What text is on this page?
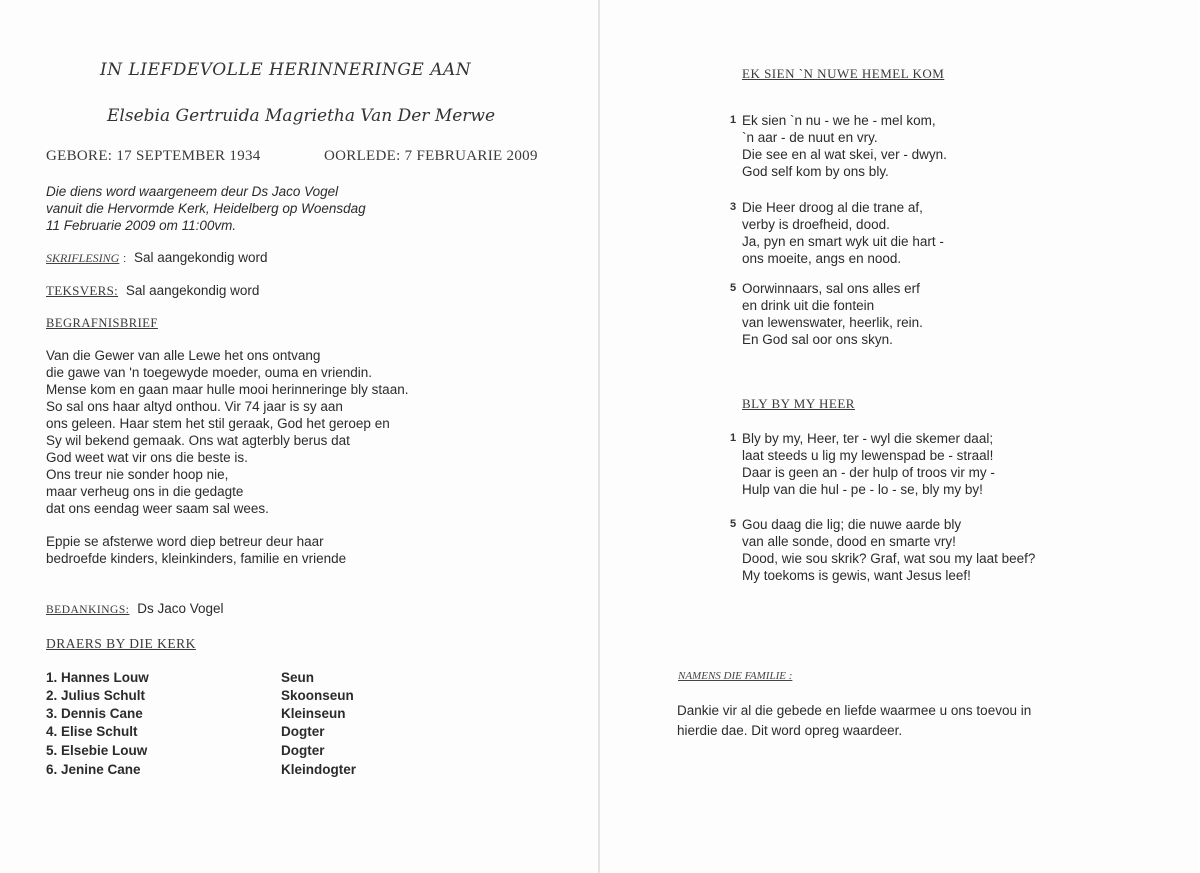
IN LIEFDEVOLLE HERINNERINGE AAN
Elsebia Gertruida Magrietha Van Der Merwe
GEBORE: 17 SEPTEMBER 1934	OORLEDE: 7 FEBRUARIE 2009
Die diens word waargeneem deur Ds Jaco Vogel
vanuit die Hervormde Kerk, Heidelberg op Woensdag
11 Februarie 2009 om 11:00vm.
SKRIFLESING : Sal aangekondig word
TEKSVERS: Sal aangekondig word
BEGRAFNISBRIEF
Van die Gewer van alle Lewe het ons ontvang
die gawe van 'n toegewyde moeder, ouma en vriendin.
Mense kom en gaan maar hulle mooi herinneringe bly staan.
So sal ons haar altyd onthou. Vir 74 jaar is sy aan
ons geleen. Haar stem het stil geraak, God het geroep en
Sy wil bekend gemaak. Ons wat agterbly berus dat
God weet wat vir ons die beste is.
Ons treur nie sonder hoop nie,
maar verheug ons in die gedagte
dat ons eendag weer saam sal wees.
Eppie se afsterwe word diep betreur deur haar
bedroefde kinders, kleinkinders, familie en vriende
BEDANKINGS: Ds Jaco Vogel
DRAERS BY DIE KERK
1. Hannes Louw	Seun
2. Julius Schult	Skoonseun
3. Dennis Cane	Kleinseun
4. Elise Schult	Dogter
5. Elsebie Louw	Dogter
6. Jenine Cane	Kleindogter
EK SIEN `N NUWE HEMEL KOM
1 Ek sien `n nu - we he - mel kom,
`n aar - de nuut en vry.
Die see en al wat skei, ver - dwyn.
God self kom by ons bly.
3 Die Heer droog al die trane af,
verby is droefheid, dood.
Ja, pyn en smart wyk uit die hart -
ons moeite, angs en nood.
5 Oorwinnaars, sal ons alles erf
en drink uit die fontein
van lewenswater, heerlik, rein.
En God sal oor ons skyn.
BLY BY MY HEER
1 Bly by my, Heer, ter - wyl die skemer daal;
laat steeds u lig my lewenspad be - straal!
Daar is geen an - der hulp of troos vir my -
Hulp van die hul - pe - lo - se, bly my by!
5 Gou daag die lig; die nuwe aarde bly
van alle sonde, dood en smarte vry!
Dood, wie sou skrik? Graf, wat sou my laat beef?
My toekoms is gewis, want Jesus leef!
NAMENS DIE FAMILIE :
Dankie vir al die gebede en liefde waarmee u ons toevou in
hierdie dae. Dit word opreg waardeer.
